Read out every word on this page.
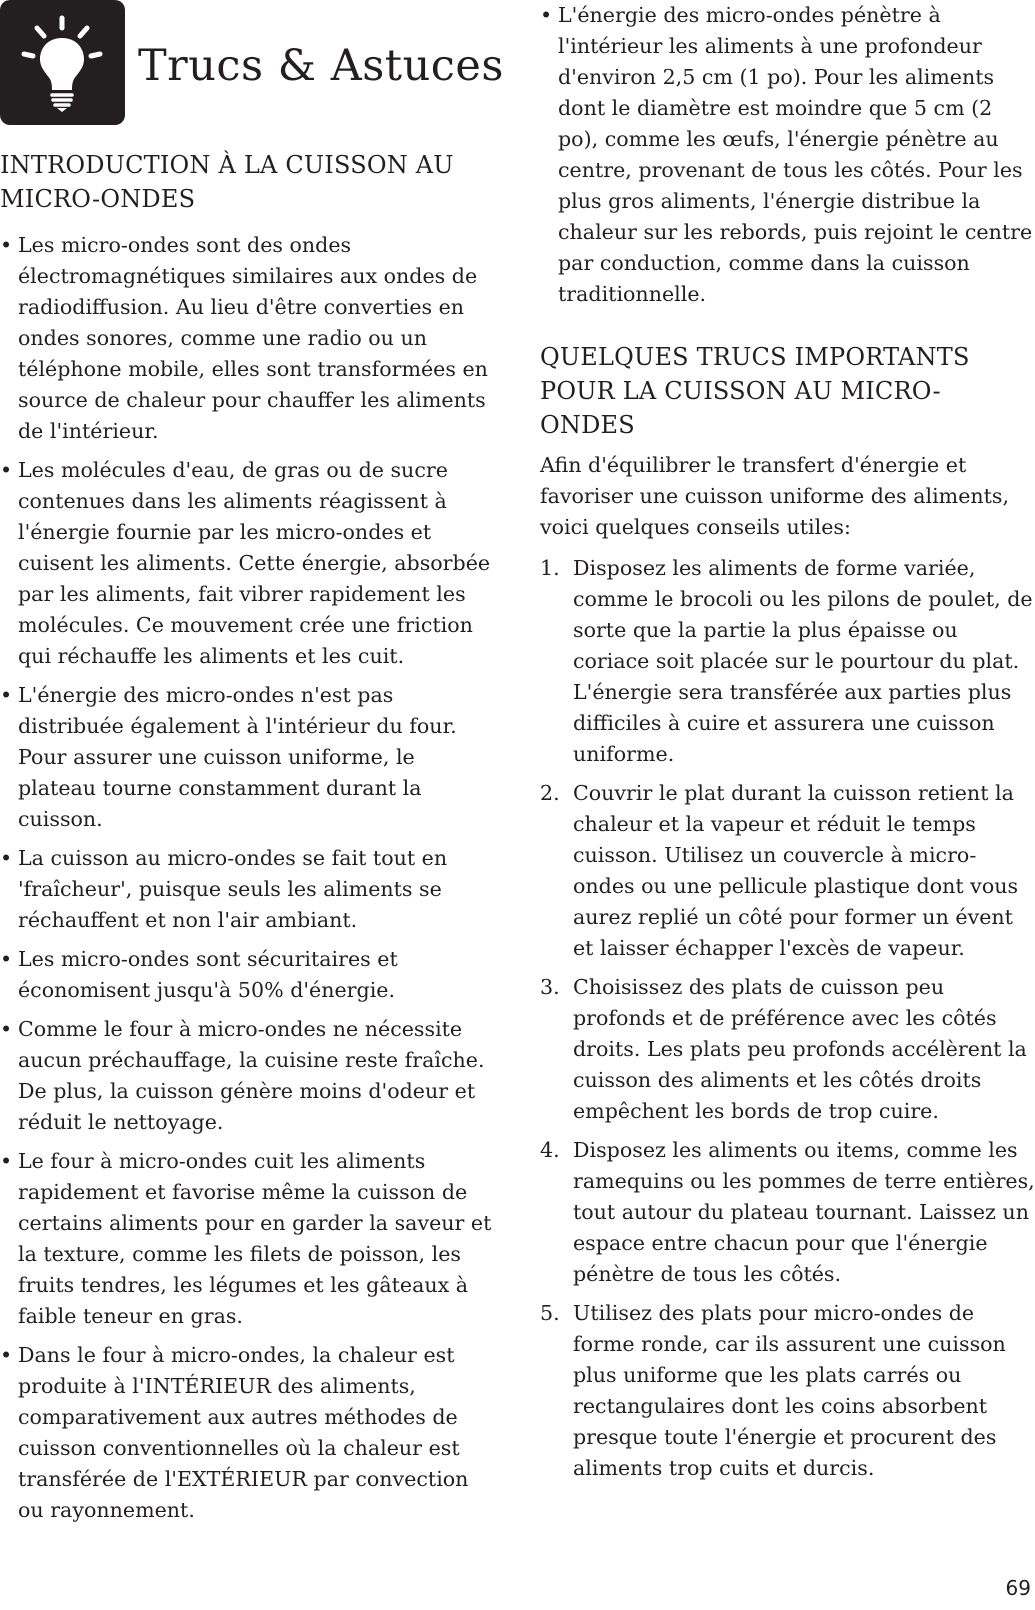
Trucs & Astuces
INTRODUCTION À LA CUISSON AU MICRO-ONDES
• Les micro-ondes sont des ondes électromagnétiques similaires aux ondes de radiodiffusion. Au lieu d'être converties en ondes sonores, comme une radio ou un téléphone mobile, elles sont transformées en source de chaleur pour chauffer les aliments de l'intérieur.
• Les molécules d'eau, de gras ou de sucre contenues dans les aliments réagissent à l'énergie fournie par les micro-ondes et cuisent les aliments. Cette énergie, absorbée par les aliments, fait vibrer rapidement les molécules. Ce mouvement crée une friction qui réchauffe les aliments et les cuit.
• L'énergie des micro-ondes n'est pas distribuée également à l'intérieur du four. Pour assurer une cuisson uniforme, le plateau tourne constamment durant la cuisson.
• La cuisson au micro-ondes se fait tout en 'fraîcheur', puisque seuls les aliments se réchauffent et non l'air ambiant.
• Les micro-ondes sont sécuritaires et économisent jusqu'à 50% d'énergie.
• Comme le four à micro-ondes ne nécessite aucun préchauffage, la cuisine reste fraîche. De plus, la cuisson génère moins d'odeur et réduit le nettoyage.
• Le four à micro-ondes cuit les aliments rapidement et favorise même la cuisson de certains aliments pour en garder la saveur et la texture, comme les filets de poisson, les fruits tendres, les légumes et les gâteaux à faible teneur en gras.
• Dans le four à micro-ondes, la chaleur est produite à l'INTÉRIEUR des aliments, comparativement aux autres méthodes de cuisson conventionnelles où la chaleur est transférée de l'EXTÉRIEUR par convection ou rayonnement.
• L'énergie des micro-ondes pénètre à l'intérieur les aliments à une profondeur d'environ 2,5 cm (1 po). Pour les aliments dont le diamètre est moindre que 5 cm (2 po), comme les œufs, l'énergie pénètre au centre, provenant de tous les côtés. Pour les plus gros aliments, l'énergie distribue la chaleur sur les rebords, puis rejoint le centre par conduction, comme dans la cuisson traditionnelle.
QUELQUES TRUCS IMPORTANTS POUR LA CUISSON AU MICRO-ONDES

Afin d'équilibrer le transfert d'énergie et favoriser une cuisson uniforme des aliments, voici quelques conseils utiles:

1. Disposez les aliments de forme variée, comme le brocoli ou les pilons de poulet, de sorte que la partie la plus épaisse ou coriace soit placée sur le pourtour du plat. L'énergie sera transférée aux parties plus difficiles à cuire et assurera une cuisson uniforme.
2. Couvrir le plat durant la cuisson retient la chaleur et la vapeur et réduit le temps cuisson. Utilisez un couvercle à micro-ondes ou une pellicule plastique dont vous aurez replié un côté pour former un évent et laisser échapper l'excès de vapeur.
3. Choisissez des plats de cuisson peu profonds et de préférence avec les côtés droits. Les plats peu profonds accélèrent la cuisson des aliments et les côtés droits empêchent les bords de trop cuire.
4. Disposez les aliments ou items, comme les ramequins ou les pommes de terre entières, tout autour du plateau tournant. Laissez un espace entre chacun pour que l'énergie pénètre de tous les côtés.
5. Utilisez des plats pour micro-ondes de forme ronde, car ils assurent une cuisson plus uniforme que les plats carrés ou rectangulaires dont les coins absorbent presque toute l'énergie et procurent des aliments trop cuits et durcis.
69
